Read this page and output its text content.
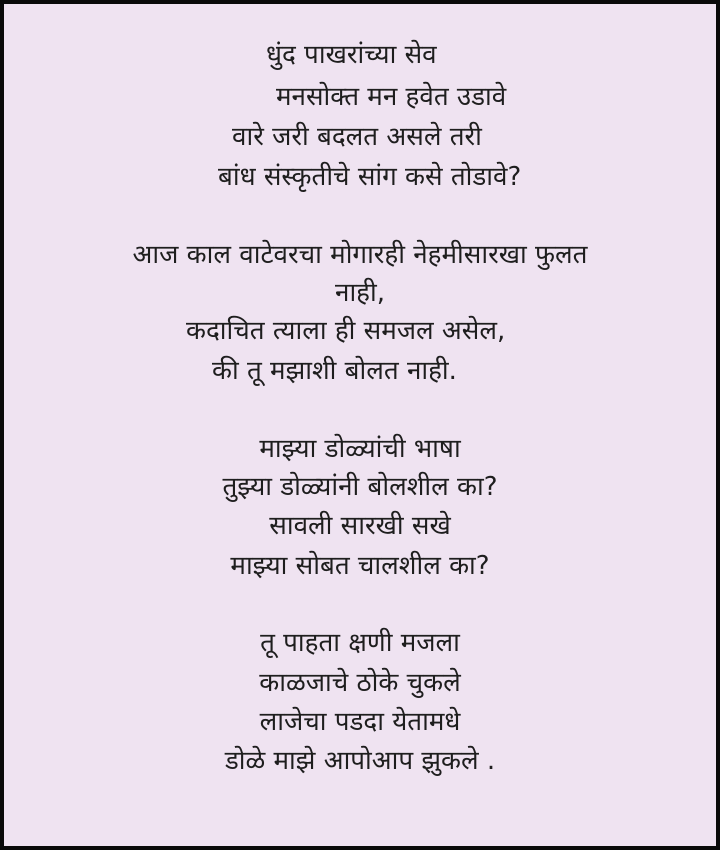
धुंद पाखरांच्या सेव
मनसोक्त मन हवेत उडावे
वारे जरी बदलत असले तरी
बांध संस्कृतीचे सांग कसे तोडावे?
आज काल वाटेवरचा मोगारही नेहमीसारखा फुलत
नाही,
कदाचित त्याला ही समजल असेल,
की तू मझाशी बोलत नाही.
माझ्या डोळ्यांची भाषा
तुझ्या डोळ्यांनी बोलशील का?
सावली सारखी सखे
माझ्या सोबत चालशील का?
तू पाहता क्षणी मजला
काळजाचे ठोके चुकले
लाजेचा पडदा येतामधे
डोळे माझे आपोआप झुकले .
